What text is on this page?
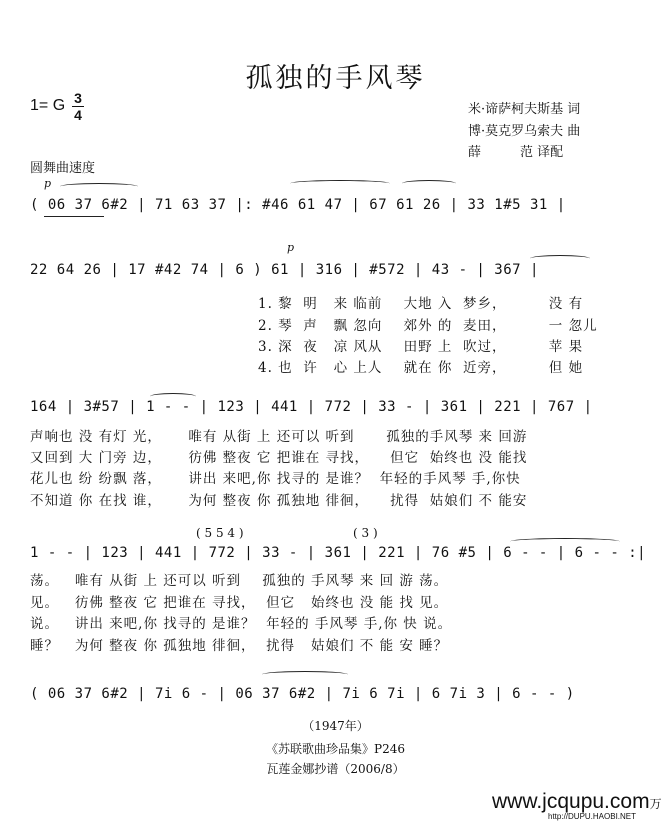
孤独的手风琴
1= G 3
4	米·谛萨柯夫斯基 词
博·莫克罗乌索夫 曲
薛　　　范 译配
圆舞曲速度
p
( 06 37 6#2 | 71 63 37 |: #46 61 47 | 67 61 26 | 33 1#5 31 |
p
22 64 26 | 17 #42 74 | 6 ) 61 | 316 | #572 | 43 - | 367 |
1. 黎  明   来 临前    大地 入  梦乡，        没 有
2. 琴  声   飘 忽向    郊外 的  麦田，        一 忽儿
3. 深  夜   凉 风从    田野 上  吹过，        苹 果
4. 也  许   心 上人    就在 你  近旁，        但 她
164 | 3#57 | 1 - - | 123 | 441 | 772 | 33 - | 361 | 221 | 767 |
声响也 没 有灯 光，     唯有 从街 上 还可以 听到      孤独的手风琴 来 回游
又回到 大 门旁 边，     彷佛 整夜 它 把谁在 寻找，    但它  始终也 没 能找
花儿也 纷 纷飘 落，     讲出 来吧,你 找寻的 是谁？  年轻的手风琴 手,你快
不知道 你 在找 谁，     为何 整夜 你 孤独地 徘徊，    扰得  姑娘们 不 能安
( 5 5 4 )	( 3 )
1 - - | 123 | 441 | 772 | 33 - | 361 | 221 | 76 #5 | 6 - - | 6 - - :|
荡。   唯有 从街 上 还可以 听到    孤独的 手风琴 来 回 游 荡。
见。   彷佛 整夜 它 把谁在 寻找，  但它   始终也 没 能 找 见。
说。   讲出 来吧,你 找寻的 是谁？  年轻的 手风琴 手,你 快 说。
睡？   为何 整夜 你 孤独地 徘徊，  扰得   姑娘们 不 能 安 睡？
( 06 37 6#2 | 7i 6 - | 06 37 6#2 | 7i 6 7i | 6 7i 3 | 6 - - )
（1947年）
《苏联歌曲珍品集》P246
瓦莲金娜抄谱（2006/8）
www.jcqupu.com万
http://DUPU.HAOBI.NET
